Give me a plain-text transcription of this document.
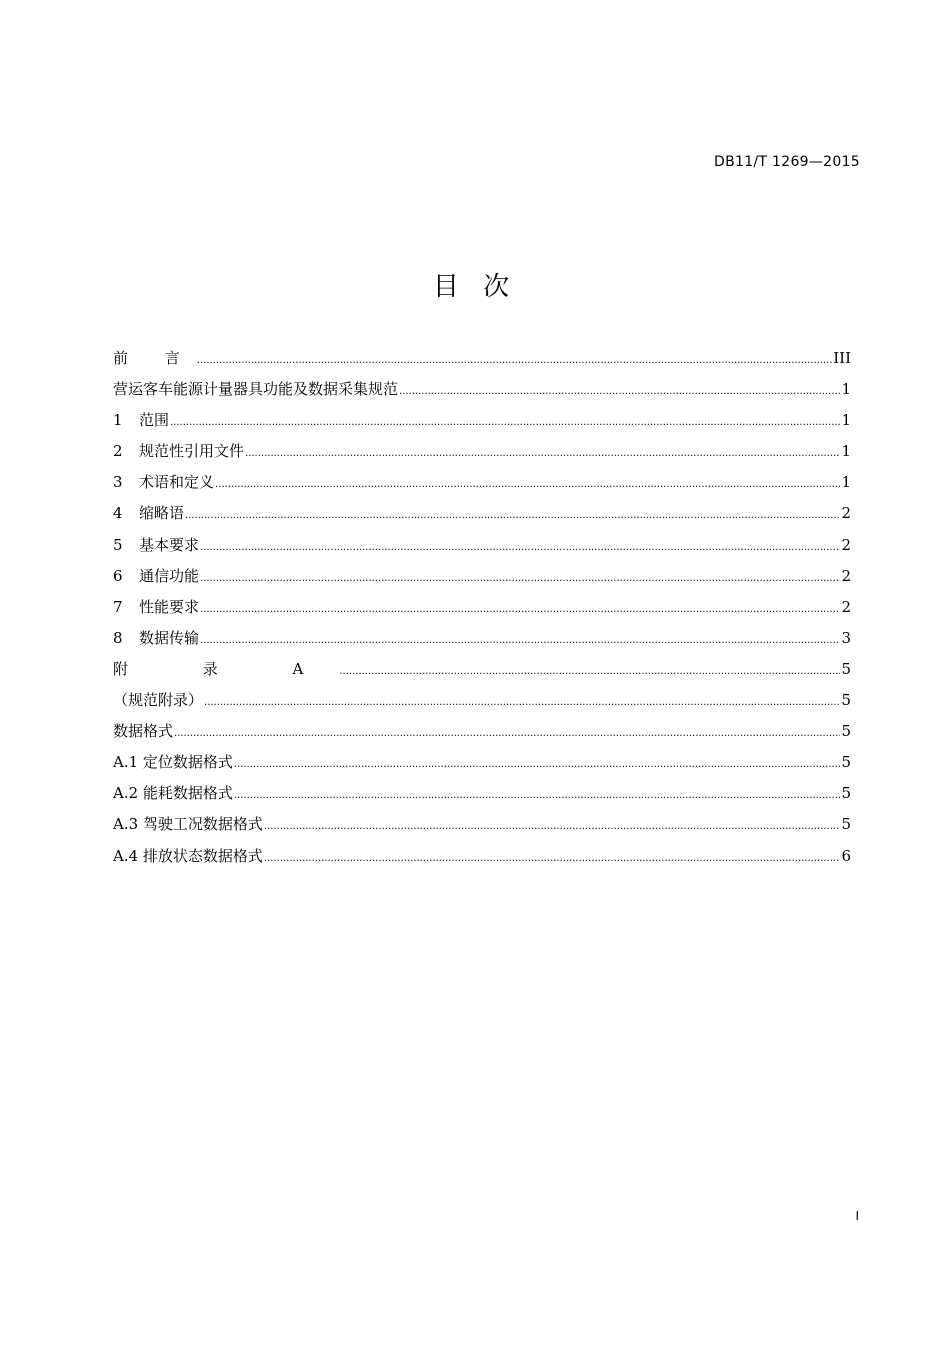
DB11/T 1269—2015
目 次
前 言 .....	III
营运客车能源计量器具功能及数据采集规范 .....	1
1	范围 .....	1
2	规范性引用文件 .....	1
3	术语和定义 .....	1
4	缩略语 .....	2
5	基本要求 .....	2
6	通信功能 .....	2
7	性能要求 .....	2
8	数据传输 .....	3
附 录 A .....	5
（规范附录） .....	5
数据格式 .....	5
A.1 定位数据格式 .....	5
A.2 能耗数据格式 .....	5
A.3 驾驶工况数据格式 .....	5
A.4 排放状态数据格式 .....	6
I
